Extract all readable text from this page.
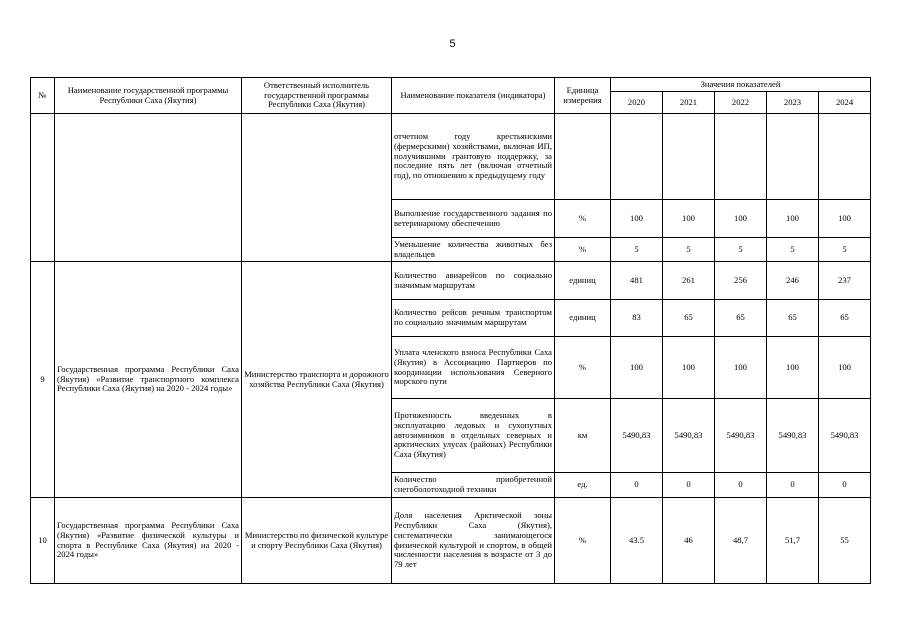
5
№	Наименование государственной программы Республики Саха (Якутия)	Ответственный исполнитель государственной программы Республики Саха (Якутия)	Наименование показателя (индикатора)	Единица измерения	Значения показателей				
					2020	2021	2022	2023	2024
			отчетном году крестьянскими (фермерскими) хозяйствами, включая ИП, получившими грантовую поддержку, за последние пять лет (включая отчетный год), по отношению к предыдущему году						
			Выполнение государственного задания по ветеринарному обеспечению	%	100	100	100	100	100
			Уменьшение количества животных без владельцев	%	5	5	5	5	5
9	Государственная программа Республики Саха (Якутия) «Развитие транспортного комплекса Республики Саха (Якутия) на 2020 - 2024 годы»	Министерство транспорта и дорожного хозяйства Республики Саха (Якутия)	Количество авиарейсов по социально значимым маршрутам	единиц	481	261	256	246	237
			Количество рейсов речным транспортом по социально значимым маршрутам	единиц	83	65	65	65	65
			Уплата членского взноса Республики Саха (Якутия) в Ассоциацию Партнеров по координации использования Северного морского пути	%	100	100	100	100	100
			Протяженность введенных в эксплуатацию ледовых и сухопутных автозимников в отдельных северных и арктических улусах (районах) Республики Саха (Якутия)	км	5490,83	5490,83	5490,83	5490,83	5490,83
			Количество приобретенной снегоболотоходной техники	ед.	0	0	0	0	0
10	Государственная программа Республики Саха (Якутия) «Развитие физической культуры и спорта в Республике Саха (Якутия) на 2020 - 2024 годы»	Министерство по физической культуре и спорту Республики Саха (Якутия)	Доля населения Арктической зоны Республики Саха (Якутия), систематически занимающегося физической культурой и спортом, в общей численности населения в возрасте от 3 до 79 лет	%	43.5	46	48,7	51,7	55
